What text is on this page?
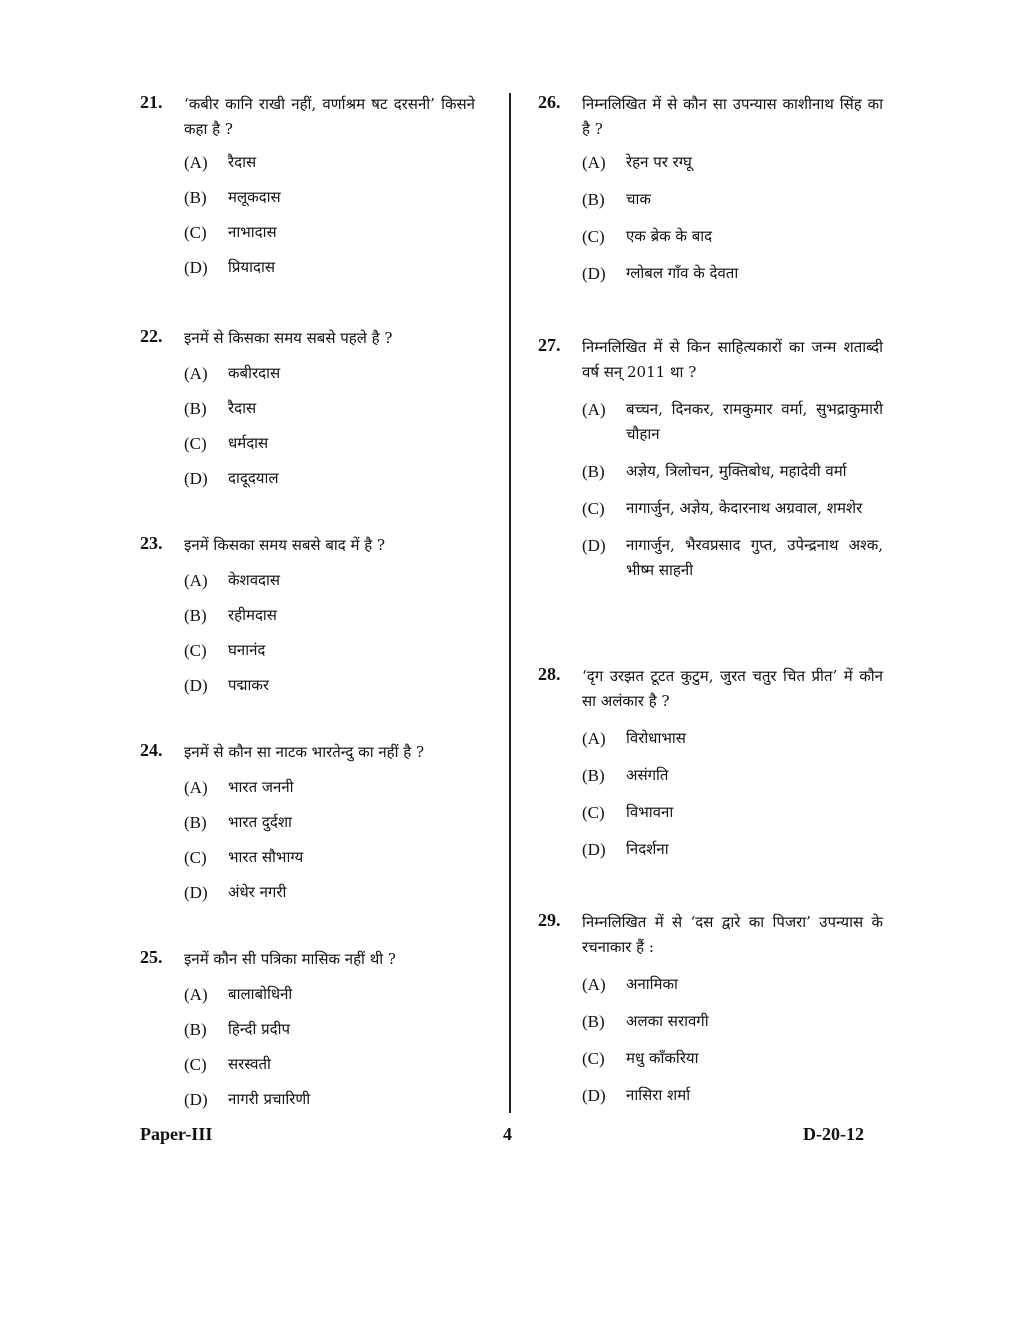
21. ‘कबीर कानि राखी नहीं, वर्णाश्रम षट दरसनी’ किसने कहा है ?
(A) रैदास
(B) मलूकदास
(C) नाभादास
(D) प्रियादास
22. इनमें से किसका समय सबसे पहले है ?
(A) कबीरदास
(B) रैदास
(C) धर्मदास
(D) दादूदयाल
23. इनमें किसका समय सबसे बाद में है ?
(A) केशवदास
(B) रहीमदास
(C) घनानंद
(D) पद्माकर
24. इनमें से कौन सा नाटक भारतेन्दु का नहीं है ?
(A) भारत जननी
(B) भारत दुर्दशा
(C) भारत सौभाग्य
(D) अंधेर नगरी
25. इनमें कौन सी पत्रिका मासिक नहीं थी ?
(A) बालाबोधिनी
(B) हिन्दी प्रदीप
(C) सरस्वती
(D) नागरी प्रचारिणी
26. निम्नलिखित में से कौन सा उपन्यास काशीनाथ सिंह का है ?
(A) रेहन पर रग्घू
(B) चाक
(C) एक ब्रेक के बाद
(D) ग्लोबल गाँव के देवता
27. निम्नलिखित में से किन साहित्यकारों का जन्म शताब्दी वर्ष सन् 2011 था ?
(A) बच्चन, दिनकर, रामकुमार वर्मा, सुभद्राकुमारी चौहान
(B) अज्ञेय, त्रिलोचन, मुक्तिबोध, महादेवी वर्मा
(C) नागार्जुन, अज्ञेय, केदारनाथ अग्रवाल, शमशेर
(D) नागार्जुन, भैरवप्रसाद गुप्त, उपेन्द्रनाथ अश्क, भीष्म साहनी
28. ‘दृग उरझत टूटत कुटुम, जुरत चतुर चित प्रीत’ में कौन सा अलंकार है ?
(A) विरोधाभास
(B) असंगति
(C) विभावना
(D) निदर्शना
29. निम्नलिखित में से ‘दस द्वारे का पिजरा’ उपन्यास के रचनाकार हैं :
(A) अनामिका
(B) अलका सरावगी
(C) मधु काँकरिया
(D) नासिरा शर्मा
Paper-III	4	D-20-12
